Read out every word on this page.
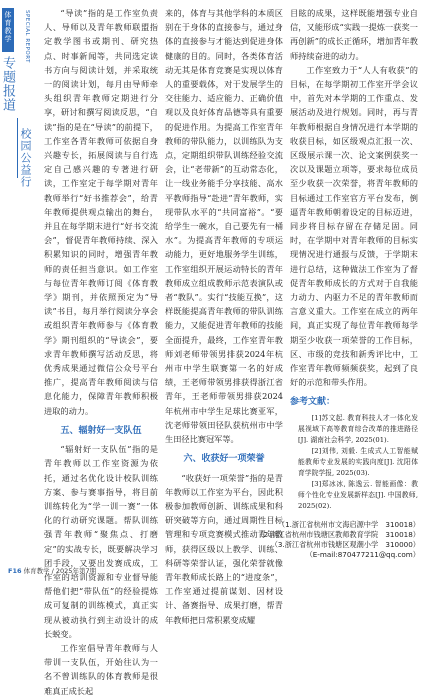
体育教学	SPECIAL REPORT
专题报道
校园公益行

“导读”指的是工作室负责人、导师以及青年教师联盟指定教学图书或期刊、研究热点、时事新闻等，共同选定读书方向与阅读计划，并采取统一的阅读计划，每月由导师牵头组织青年教师定期进行分享，研讨和撰写阅读反思，“自读”指的是在“导读”的前提下，工作室各青年教师可依据自身兴趣专长，拓展阅读与自行选定自己感兴趣的专著进行研读，工作室定于每学期对青年教师举行“好书推荐会”，给青年教师提供观点输出的舞台，并且在每学期末进行“好书交流会”，督促青年教师持续、深入积累知识的同时，增强青年教师的责任担当意识。如工作室与每位青年教师订阅《体育教学》期刊，并依照预定为“导读”书目，每月举行阅读分享会或组织青年教师参与《体育教学》期刊组织的“导读会”，要求青年教师撰写活动反思，将优秀成果通过微信公众号平台推广，提高青年教师阅读与信息化能力，保障青年教师积极进取的动力。

五、辐射好一支队伍

“辐射好一支队伍”指的是青年教师以工作室资源为依托，通过名优化设计校队训练方案、参与赛事指导，将目前训练转化为“学一训一赛”一体化的行动研究课题。帮队训练强青年教师“聚焦点、打磨定”的实战专长，既要解决学习团手段，又要出发赛成成，工作室的培训资源和专业督导能帮他们把“带队伍”的经验提炼成可复制的训练模式，真正实现从被动执行到主动设计的成长蜕变。

工作室倡导青年教师与人带训一支队伍，开始往认为一名不曾训练队的体育教师是很难真正成长起

来的，体育与其他学科的本质区别在于身体的直接参与，通过身体的直接参与才能达到促进身体健康的目的。同时，各类体育活动无其是体育竞赛是实现以体育人的重要载体，对于发展学生的交往能力、适应能力、正确价值观以及良好体育品德等具有重要的促进作用。为提高工作室青年教师的带队能力，以训练队为支点，定期组织带队训练经验交流会，让“老带新”的互动常态化，让一线业务能手分享技能、高水平教师指导“赴进”青年教师，实现带队水平的“共同富裕”。“要给学生一碗水，自己要先有一桶水”。为提高青年教师的专项运动能力，更好地服务学生训练，工作室组织开展运动特长的青年教师成立组成教师示范表演队或者“教队”。实行“技能互换”，这样既能提高青年教师的带队训练能力，又能促进青年教师的技能全面提升，最终，工作室青年教师刘老师带领男排获2024年杭州市中学生联赛第一名的好成绩，王老师带领男排获得浙江省青年，王老师带领男排获2024年杭州市中学生足球比赛亚军，沈老师带领田径队获杭州市中学生田径比赛冠军等。

六、收获好一项荣誉

“收获好一项荣誉”指的是青年教师以工作室为平台，因此积极参加教师创新、训练成果和科研突破等方向，通过周期性目标管理和专项竞赛模式推动青年教师，获得区级以上教学、训练、科研等荣誉认证，强化荣誉就像青年教师成长路上的“进度条”，工作室通过提前谋划、因材设计、备赛指导、成果打磨，帮青年教师把日常积累变成耀

目眩的成果，这样既能增强专业自信，又能形成“实践一提炼一获奖一再创新”的成长正循环，增加青年教师持续奋进的动力。

工作室致力于“人人有收获”的目标，在每学期初工作室开学会议中，首先对本学期的工作重点、发展活动及进行规划。同时，再与青年教师根据自身情况进行本学期的收获目标，如区级观点汇报一次、区级展示课一次、论文案例获奖一次以及课题立项等，要求每位成员至少收获一次荣誉，将青年教师的目标通过工作室官方平台发布，倒逼青年教师朝着设定的目标迈进，同步将目标存留在存储足固。同时，在学期中对青年教师的目标实现情况进行通报与反馈，于学期末进行总结，这种做法工作室为了督促青年教师成长的方式对于自我能力动力、内驱力不足的青年教师而言意义重大。工作室在成立的两年间，真正实现了每位青年教师每学期至少收获一项荣誉的工作目标，区、市级的竞技和新秀评比中，工作室青年教师频频获奖，起到了良好的示范和带头作用。

参考文献：

[1]苏文起. 教育科技人才一体化发展视域下高等教育综合改革的推进路径[J]. 湖南社会科学, 2025(01).

[2]刘伟, 刘毅. 生成式人工智能赋能教师专业发展的实践向度[J]. 沈阳体育学院学报, 2025(03).

[3]郑冰冰, 陈逸云. 智能画像：教师个性化专业发展新样态[J]. 中国教师, 2025(02).

（1.浙江省杭州市文海启源中学　310018）
（2.浙江省杭州市钱塘区教师教育学院　310018）
（3.浙江省杭州市钱塘区观潮小学　310000）
（E-mail:870477211@qq.com）
F16 体育教学 / 2025年第7期
